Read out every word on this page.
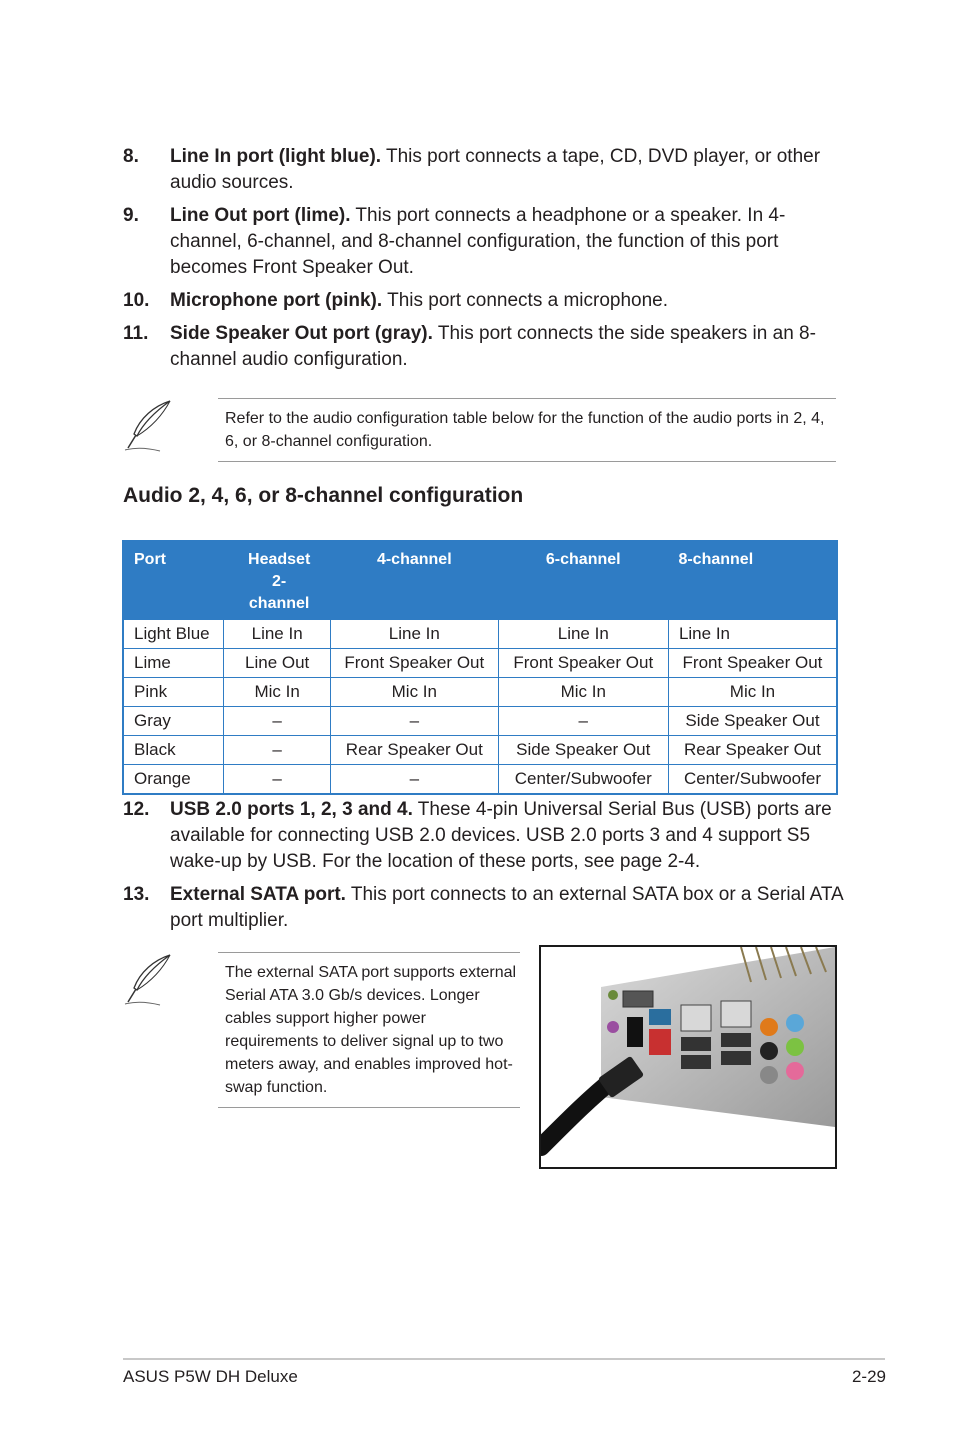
8. Line In port (light blue). This port connects a tape, CD, DVD player, or other audio sources.
9. Line Out port (lime). This port connects a headphone or a speaker. In 4-channel, 6-channel, and 8-channel configuration, the function of this port becomes Front Speaker Out.
10. Microphone port (pink). This port connects a microphone.
11. Side Speaker Out port (gray). This port connects the side speakers in an 8-channel audio configuration.
Refer to the audio configuration table below for the function of the audio ports in 2, 4, 6, or 8-channel configuration.
Audio 2, 4, 6, or 8-channel configuration
Port	Headset 2-channel	4-channel	6-channel	8-channel
Light Blue	Line In	Line In	Line In	Line In
Lime	Line Out	Front Speaker Out	Front Speaker Out	Front Speaker Out
Pink	Mic In	Mic In	Mic In	Mic In
Gray	–	–	–	Side Speaker Out
Black	–	Rear Speaker Out	Side Speaker Out	Rear Speaker Out
Orange	–	–	Center/Subwoofer	Center/Subwoofer
12. USB 2.0 ports 1, 2, 3 and 4. These 4-pin Universal Serial Bus (USB) ports are available for connecting USB 2.0 devices. USB 2.0 ports 3 and 4 support S5 wake-up by USB. For the location of these ports, see page 2-4.
13. External SATA port. This port connects to an external SATA box or a Serial ATA port multiplier.
The external SATA port supports external Serial ATA 3.0 Gb/s devices. Longer cables support higher power requirements to deliver signal up to two meters away, and enables improved hot-swap function.
ASUS P5W DH Deluxe	2-29
